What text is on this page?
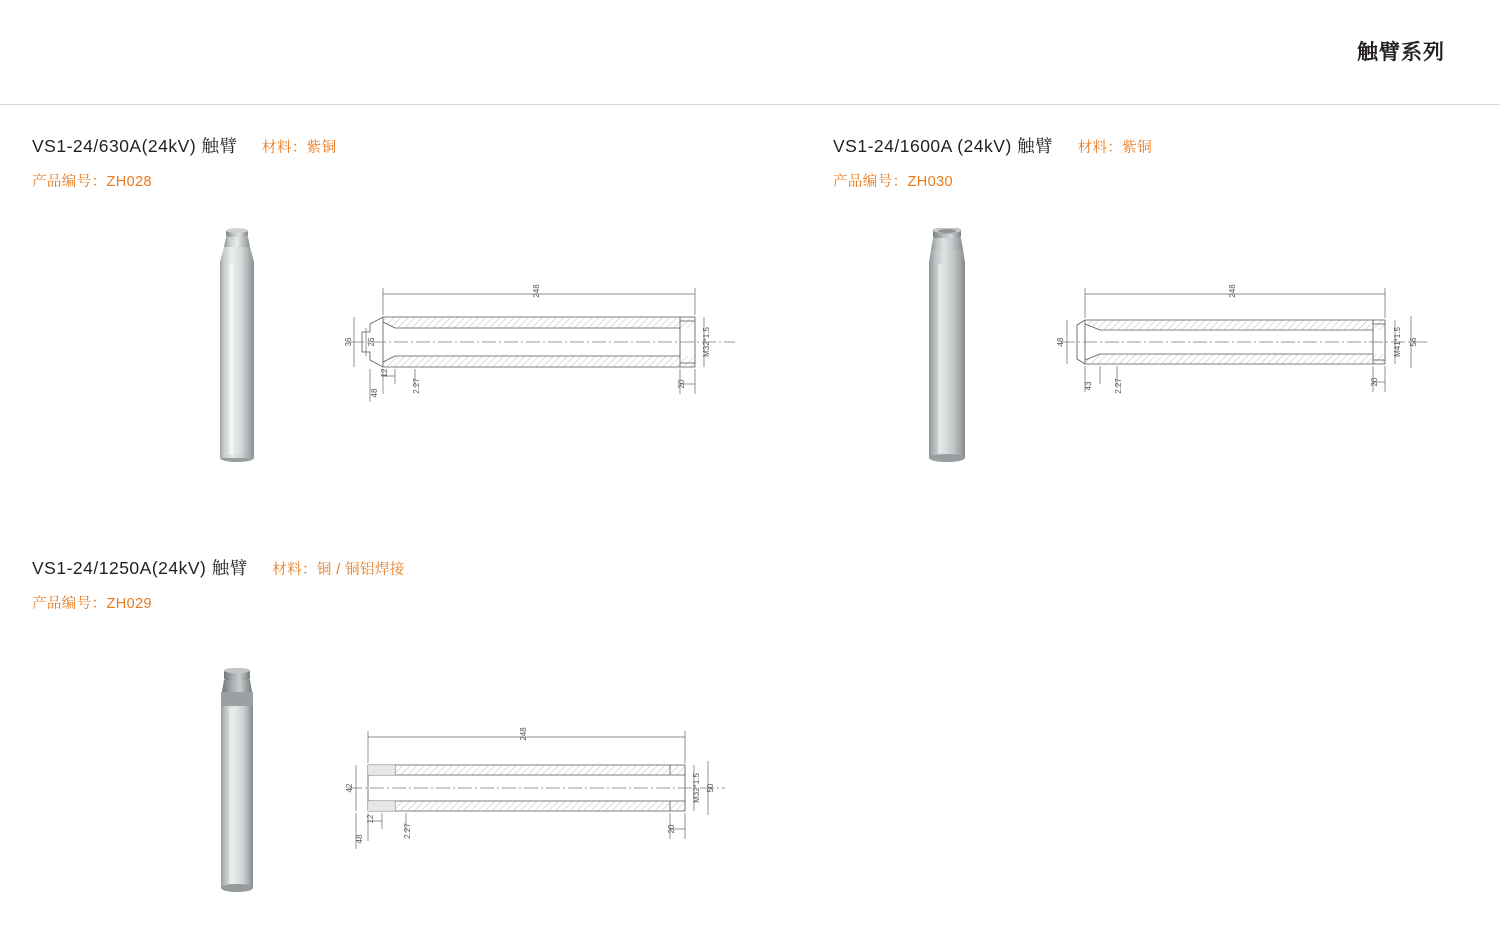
触臂系列
VS1-24/630A(24kV) 触臂 材料：紫铜
产品编号：ZH028
248
36 26	M32*1.5
12
48	2.27	20
VS1-24/1600A (24kV) 触臂 材料：紫铜
产品编号：ZH030
248
48	M41*1.5 56
43	2.27	20
VS1-24/1250A(24kV) 触臂 材料：铜 / 铜铝焊接
产品编号：ZH029
248
42	M32*1.5 50
12
48
2.27	20
